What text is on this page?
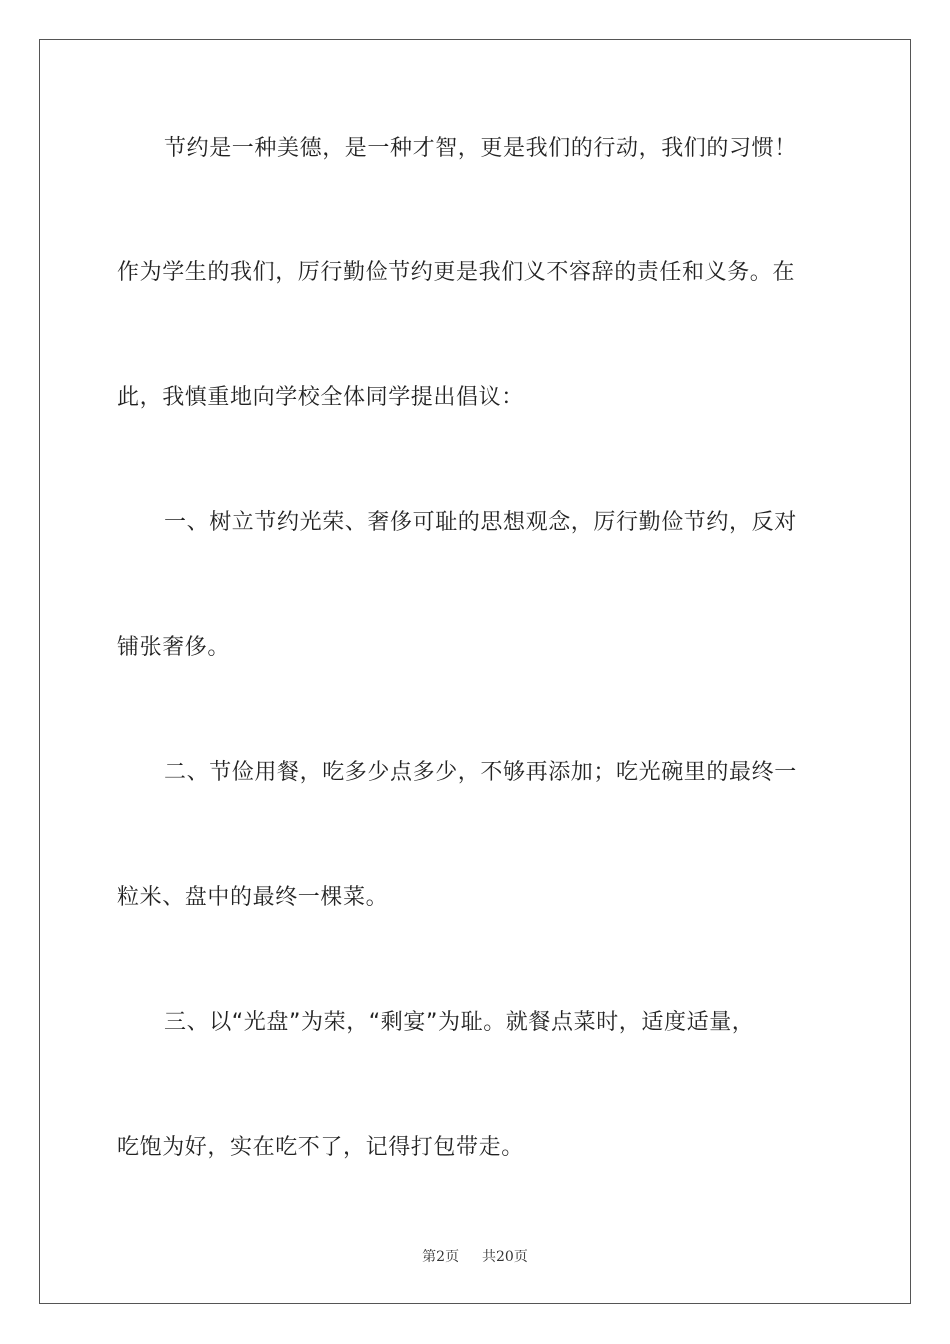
节约是一种美德，是一种才智，更是我们的行动，我们的习惯！
作为学生的我们，厉行勤俭节约更是我们义不容辞的责任和义务。在
此，我慎重地向学校全体同学提出倡议：
一、树立节约光荣、奢侈可耻的思想观念，厉行勤俭节约，反对
铺张奢侈。
二、节俭用餐，吃多少点多少，不够再添加；吃光碗里的最终一
粒米、盘中的最终一棵菜。
三、以“光盘”为荣，“剩宴”为耻。就餐点菜时，适度适量，
吃饱为好，实在吃不了，记得打包带走。
第2页 共20页
